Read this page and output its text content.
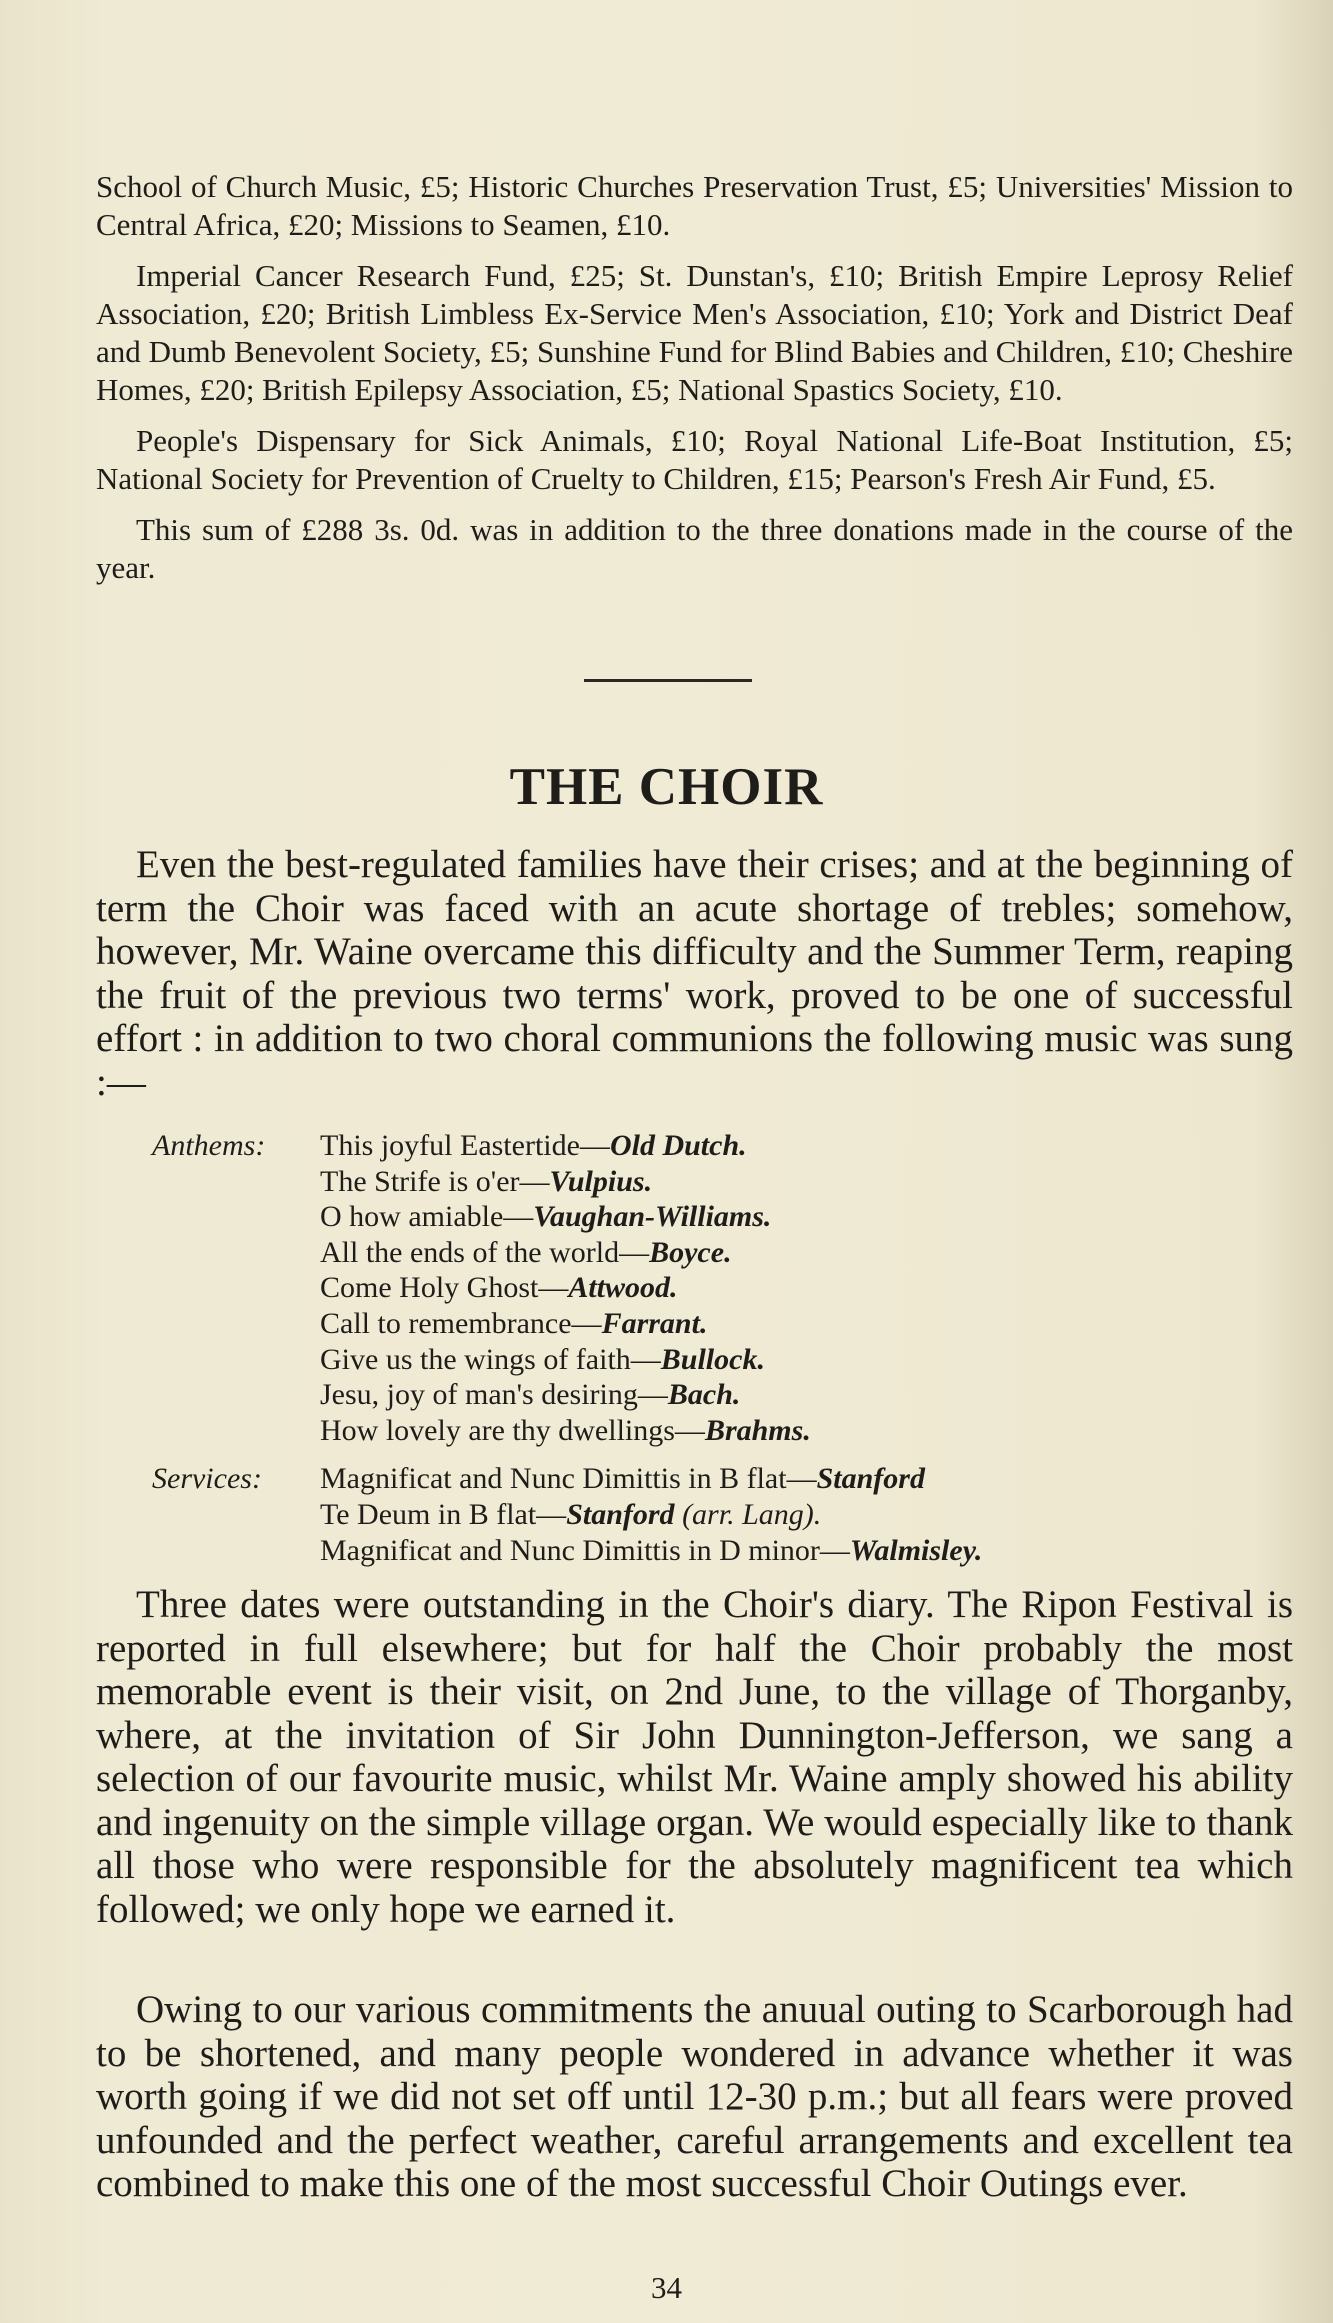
School of Church Music, £5; Historic Churches Preservation Trust, £5; Universities' Mission to Central Africa, £20; Missions to Seamen, £10.

Imperial Cancer Research Fund, £25; St. Dunstan's, £10; British Empire Leprosy Relief Association, £20; British Limbless Ex-Service Men's Association, £10; York and District Deaf and Dumb Benevolent Society, £5; Sunshine Fund for Blind Babies and Children, £10; Cheshire Homes, £20; British Epilepsy Association, £5; National Spastics Society, £10.

People's Dispensary for Sick Animals, £10; Royal National Life-Boat Institution, £5; National Society for Prevention of Cruelty to Children, £15; Pearson's Fresh Air Fund, £5.

This sum of £288 3s. 0d. was in addition to the three donations made in the course of the year.

THE CHOIR

Even the best-regulated families have their crises; and at the beginning of term the Choir was faced with an acute shortage of trebles; somehow, however, Mr. Waine overcame this difficulty and the Summer Term, reaping the fruit of the previous two terms' work, proved to be one of successful effort : in addition to two choral communions the following music was sung :—

Anthems:	This joyful Eastertide—Old Dutch.
The Strife is o'er—Vulpius.
O how amiable—Vaughan-Williams.
All the ends of the world—Boyce.
Come Holy Ghost—Attwood.
Call to remembrance—Farrant.
Give us the wings of faith—Bullock.
Jesu, joy of man's desiring—Bach.
How lovely are thy dwellings—Brahms.
Services:	Magnificat and Nunc Dimittis in B flat—Stanford
Te Deum in B flat—Stanford (arr. Lang).
Magnificat and Nunc Dimittis in D minor—Walmisley.

Three dates were outstanding in the Choir's diary. The Ripon Festival is reported in full elsewhere; but for half the Choir probably the most memorable event is their visit, on 2nd June, to the village of Thorganby, where, at the invitation of Sir John Dunnington-Jefferson, we sang a selection of our favourite music, whilst Mr. Waine amply showed his ability and ingenuity on the simple village organ. We would especially like to thank all those who were responsible for the absolutely magnificent tea which followed; we only hope we earned it.

Owing to our various commitments the anuual outing to Scarborough had to be shortened, and many people wondered in advance whether it was worth going if we did not set off until 12-30 p.m.; but all fears were proved unfounded and the perfect weather, careful arrangements and excellent tea combined to make this one of the most successful Choir Outings ever.

34
